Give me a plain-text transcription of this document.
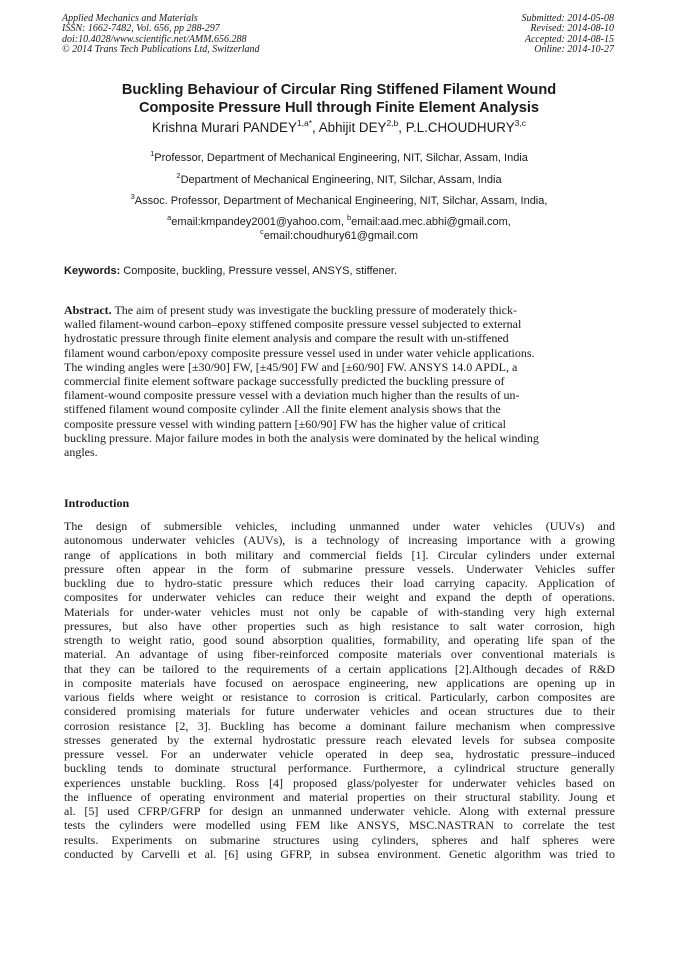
Applied Mechanics and Materials
ISSN: 1662-7482, Vol. 656, pp 288-297
doi:10.4028/www.scientific.net/AMM.656.288
© 2014 Trans Tech Publications Ltd, Switzerland
Submitted: 2014-05-08
Revised: 2014-08-10
Accepted: 2014-08-15
Online: 2014-10-27
Buckling Behaviour of Circular Ring Stiffened Filament Wound
Composite Pressure Hull through Finite Element Analysis
Krishna Murari $PANDEY^{1,a*}$, Abhijit DEY$^{2,b}$, P.L.CHOUDHURY$^{3,c}$
$^1$Professor, Department of Mechanical Engineering, NIT, Silchar, Assam, India
$^2$Department of Mechanical Engineering, NIT, Silchar, Assam, India
$^3$Assoc. Professor, Department of Mechanical Engineering, NIT, Silchar, Assam, India,
$^a$email:kmpandey2001@yahoo.com, $^b$email:aad.mec.abhi@gmail.com,
$^c$email:choudhury61@gmail.com
Keywords: Composite, buckling, Pressure vessel, ANSYS, stiffener.

Abstract. The aim of present study was investigate the buckling pressure of moderately thick-

walled filament-wound carbon–epoxy stiffened composite pressure vessel subjected to external

hydrostatic pressure through finite element analysis and compare the result with un-stiffened

filament wound carbon/epoxy composite pressure vessel used in under water vehicle applications.

The winding angles were [±30/90] FW, [±45/90] FW and [±60/90] FW. ANSYS 14.0 APDL, a

commercial finite element software package successfully predicted the buckling pressure of

filament-wound composite pressure vessel with a deviation much higher than the results of un-

stiffened filament wound composite cylinder .All the finite element analysis shows that the

composite pressure vessel with winding pattern [±60/90] FW has the higher value of critical

buckling pressure. Major failure modes in both the analysis were dominated by the helical winding

angles.

Introduction

The design of submersible vehicles, including unmanned under water vehicles (UUVs) and

autonomous underwater vehicles (AUVs), is a technology of increasing importance with a growing

range of applications in both military and commercial fields [1]. Circular cylinders under external

pressure often appear in the form of submarine pressure vessels. Underwater Vehicles suffer

buckling due to hydro-static pressure which reduces their load carrying capacity. Application of

composites for underwater vehicles can reduce their weight and expand the depth of operations.

Materials for under-water vehicles must not only be capable of with-standing very high external

pressures, but also have other properties such as high resistance to salt water corrosion, high

strength to weight ratio, good sound absorption qualities, formability, and operating life span of the

material. An advantage of using fiber-reinforced composite materials over conventional materials is

that they can be tailored to the requirements of a certain applications [2].Although decades of R&D

in composite materials have focused on aerospace engineering, new applications are opening up in

various fields where weight or resistance to corrosion is critical. Particularly, carbon composites are

considered promising materials for future underwater vehicles and ocean structures due to their

corrosion resistance [2, 3]. Buckling has become a dominant failure mechanism when compressive

stresses generated by the external hydrostatic pressure reach elevated levels for subsea composite

pressure vessel. For an underwater vehicle operated in deep sea, hydrostatic pressure–induced

buckling tends to dominate structural performance. Furthermore, a cylindrical structure generally

experiences unstable buckling. Ross [4] proposed glass/polyester for underwater vehicles based on

the influence of operating environment and material properties on their structural stability. Joung et

al. [5] used CFRP/GFRP for design an unmanned underwater vehicle. Along with external pressure

tests the cylinders were modelled using FEM like ANSYS, MSC.NASTRAN to correlate the test

results. Experiments on submarine structures using cylinders, spheres and half spheres were

conducted by Carvelli et al. [6] using GFRP, in subsea environment. Genetic algorithm was tried to
